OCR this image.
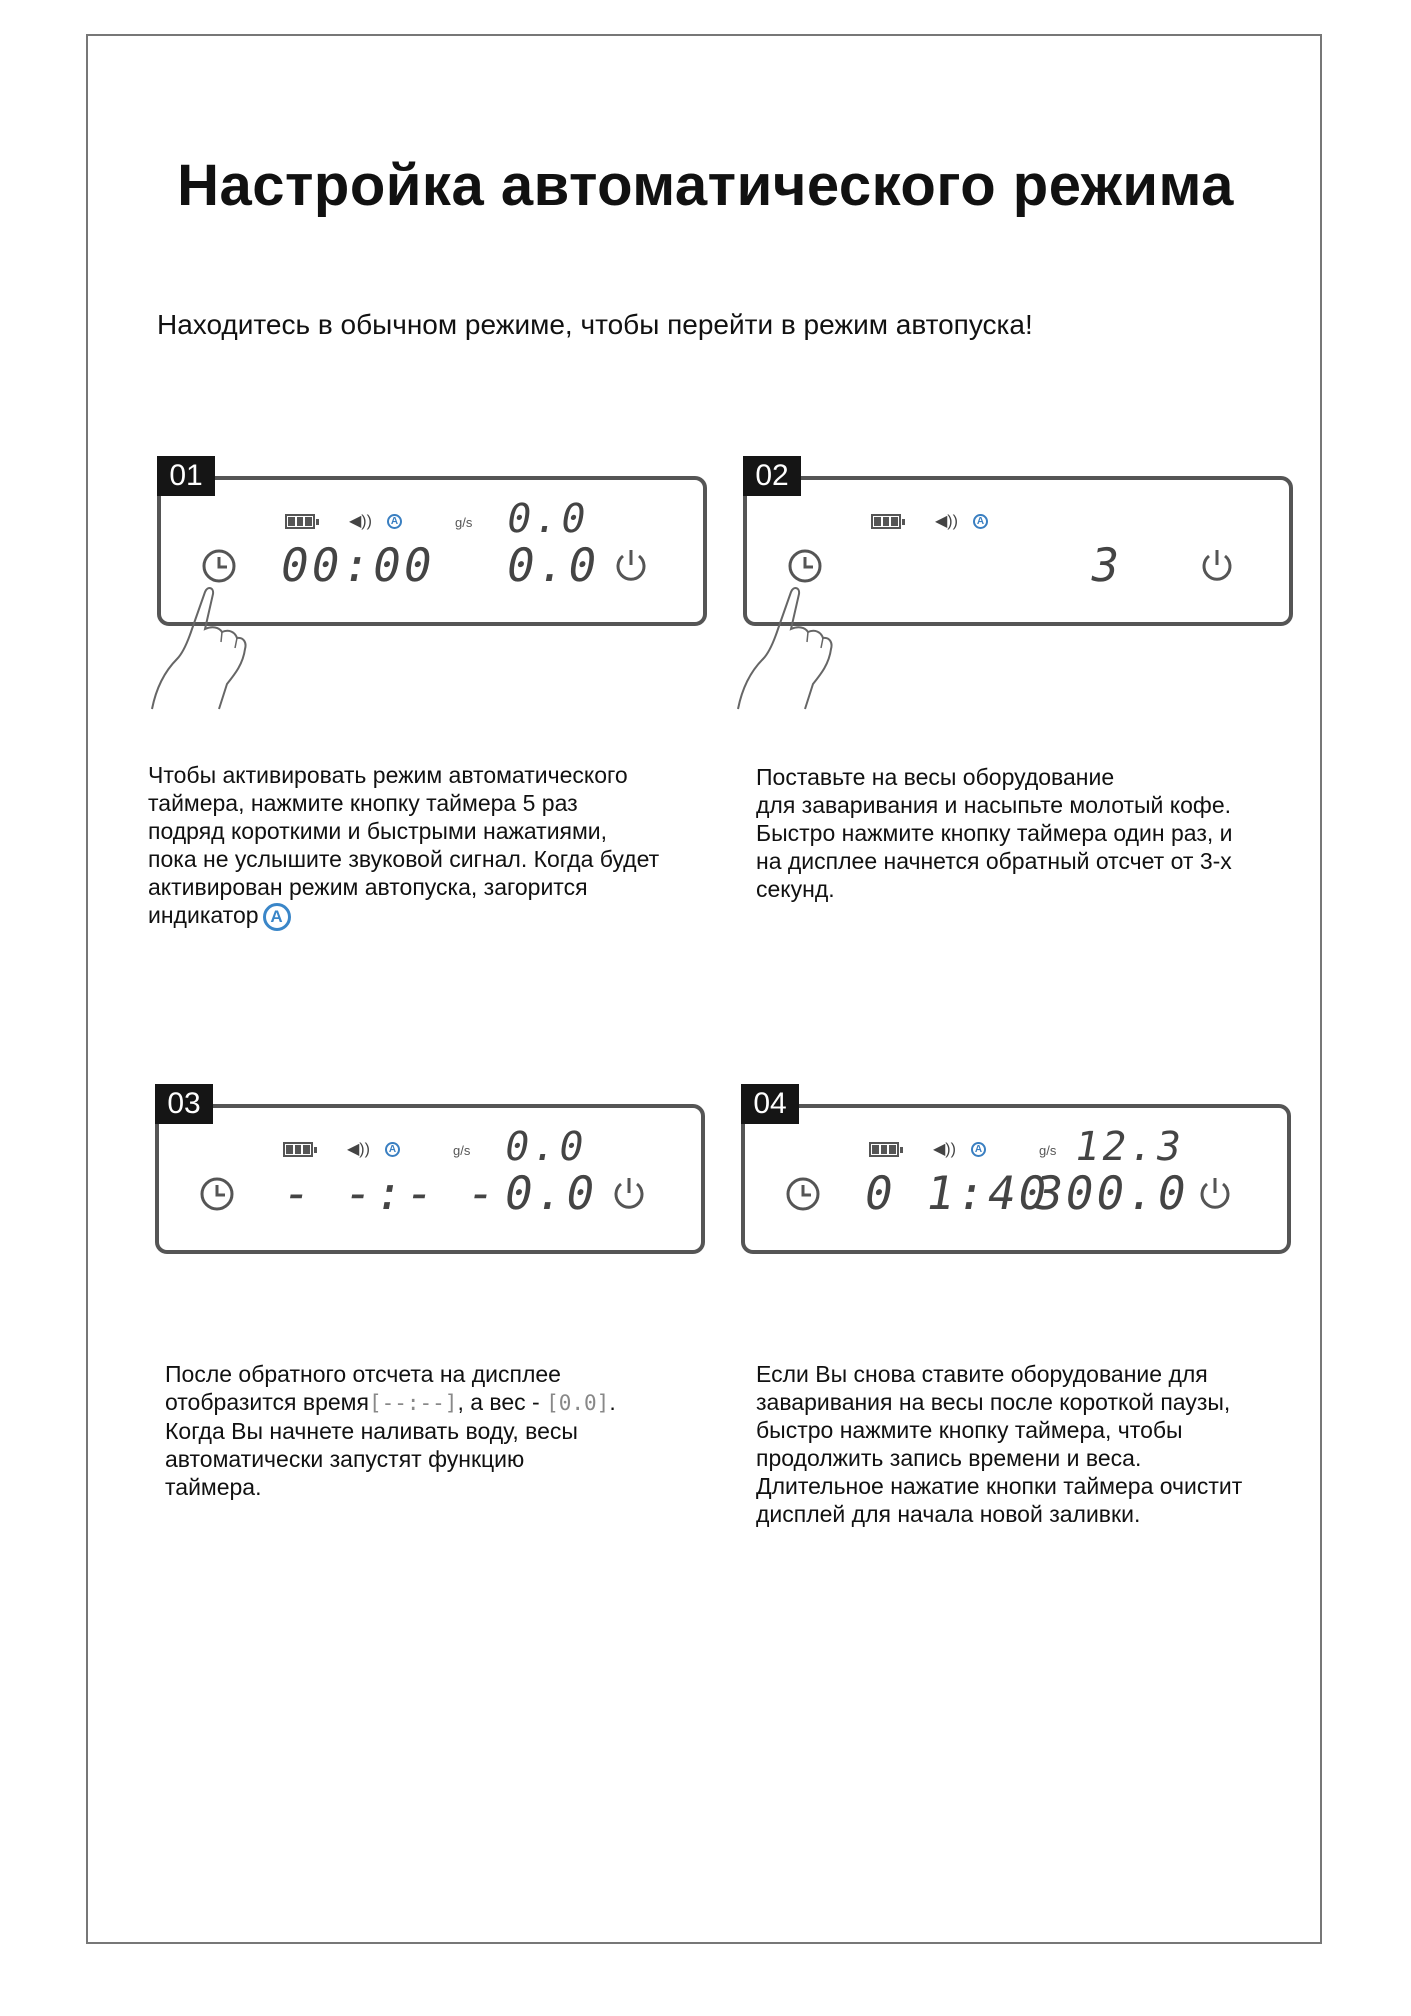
Настройка автоматического режима
Находитесь в обычном режиме, чтобы перейти в режим автопуска!
01
◀))	A	g/s 0.0
00:00 0.0
02
◀))	A
3

Чтобы активировать режим автоматического

таймера, нажмите кнопку таймера 5 раз

подряд короткими и быстрыми нажатиями,

пока не услышите звуковой сигнал. Когда будет

активирован режим автопуска, загорится

индикатор A

Поставьте на весы оборудование

для заваривания и насыпьте молотый кофе.

Быстро нажмите кнопку таймера один раз, и

на дисплее начнется обратный отсчет от 3-х

секунд.

03
◀))	A	g/s 0.0
- -:- -
0.0
04
◀))	A	g/s 12.3
0 1:40
300.0

После обратного отсчета на дисплее

отобразится время[--:--], а вес - [0.0].

Когда Вы начнете наливать воду, весы

автоматически запустят функцию

таймера.

Если Вы снова ставите оборудование для

заваривания на весы после короткой паузы,

быстро нажмите кнопку таймера, чтобы

продолжить запись времени и веса.

Длительное нажатие кнопки таймера очистит

дисплей для начала новой заливки.
